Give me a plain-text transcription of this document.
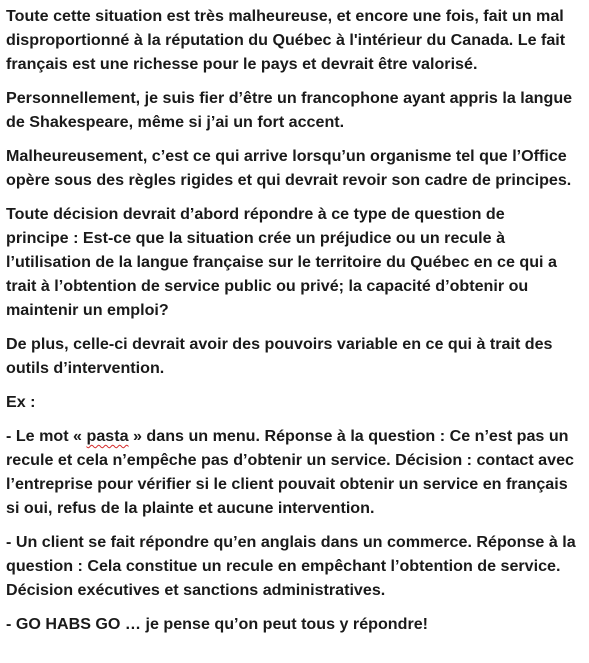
Toute cette situation est très malheureuse, et encore une fois, fait un mal
disproportionné à la réputation du Québec à l'intérieur du Canada. Le fait
français est une richesse pour le pays et devrait être valorisé.

Personnellement, je suis fier d’être un francophone ayant appris la langue
de Shakespeare, même si j’ai un fort accent.

Malheureusement, c’est ce qui arrive lorsqu’un organisme tel que l’Office
opère sous des règles rigides et qui devrait revoir son cadre de principes.

Toute décision devrait d’abord répondre à ce type de question de
principe : Est-ce que la situation crée un préjudice ou un recule à
l’utilisation de la langue française sur le territoire du Québec en ce qui a
trait à l’obtention de service public ou privé; la capacité d’obtenir ou
maintenir un emploi?

De plus, celle-ci devrait avoir des pouvoirs variable en ce qui à trait des
outils d’intervention.

Ex :

- Le mot « pasta » dans un menu. Réponse à la question : Ce n’est pas un
recule et cela n’empêche pas d’obtenir un service. Décision : contact avec
l’entreprise pour vérifier si le client pouvait obtenir un service en français
si oui, refus de la plainte et aucune intervention.

- Un client se fait répondre qu’en anglais dans un commerce. Réponse à la
question : Cela constitue un recule en empêchant l’obtention de service.
Décision exécutives et sanctions administratives.

- GO HABS GO … je pense qu’on peut tous y répondre!
